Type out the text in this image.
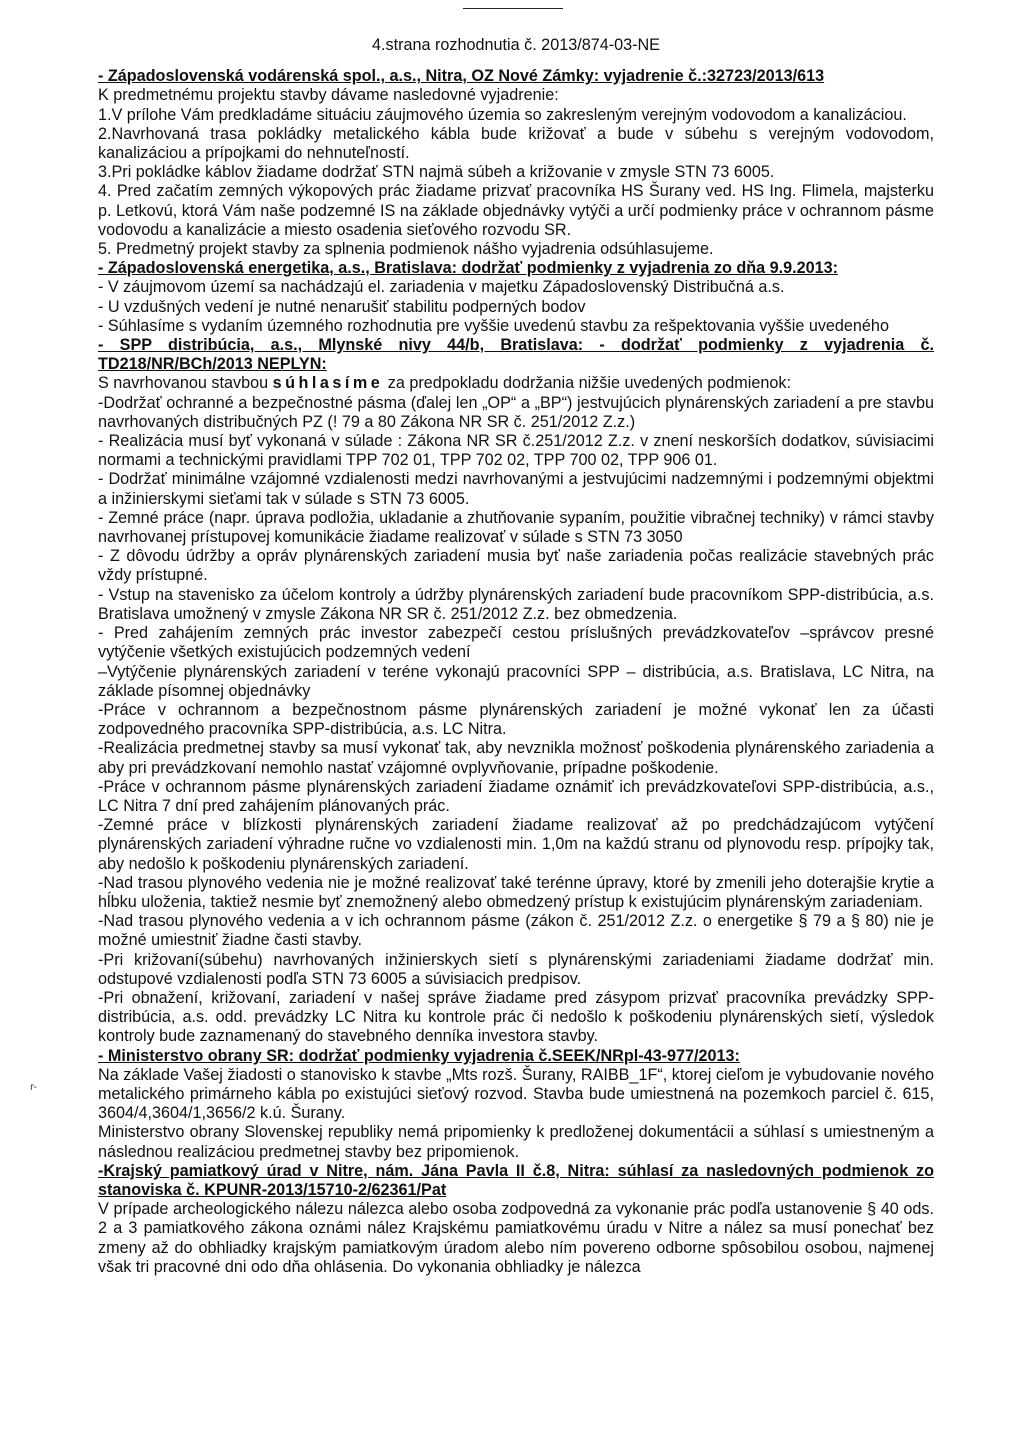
r-
4.strana rozhodnutia č. 2013/874-03-NE

- Západoslovenská vodárenská spol., a.s., Nitra, OZ Nové Zámky: vyjadrenie č.:32723/2013/613

K predmetnému projektu stavby dávame nasledovné vyjadrenie:

1.V prílohe Vám predkladáme situáciu záujmového územia so zakresleným verejným vodovodom a kanalizáciou.

2.Navrhovaná trasa pokládky metalického kábla bude križovať a bude v súbehu s verejným vodovodom, kanalizáciou a prípojkami do nehnuteľností.

3.Pri pokládke káblov žiadame dodržať STN najmä súbeh a križovanie v zmysle STN 73 6005.

4. Pred začatím zemných výkopových prác žiadame prizvať pracovníka HS Šurany ved. HS Ing. Flimela, majsterku p. Letkovú, ktorá Vám naše podzemné IS na základe objednávky vytýči a určí podmienky práce v ochrannom pásme vodovodu a kanalizácie a miesto osadenia sieťového rozvodu SR.

5. Predmetný projekt stavby za splnenia podmienok nášho vyjadrenia odsúhlasujeme.

- Západoslovenská energetika, a.s., Bratislava: dodržať podmienky z vyjadrenia zo dňa 9.9.2013:

- V záujmovom území sa nachádzajú el. zariadenia v majetku Západoslovenský Distribučná a.s.

- U vzdušných vedení je nutné nenarušiť stabilitu podperných bodov

- Súhlasíme s vydaním územného rozhodnutia pre vyššie uvedenú stavbu za rešpektovania vyššie uvedeného

- SPP distribúcia, a.s., Mlynské nivy 44/b, Bratislava: - dodržať podmienky z vyjadrenia č. TD218/NR/BCh/2013 NEPLYN:

S navrhovanou stavbou súhlasíme za predpokladu dodržania nižšie uvedených podmienok:

-Dodržať ochranné a bezpečnostné pásma (ďalej len „OP“ a „BP“) jestvujúcich plynárenských zariadení a pre stavbu navrhovaných distribučných PZ (! 79 a 80 Zákona NR SR č. 251/2012 Z.z.)

- Realizácia musí byť vykonaná v súlade : Zákona NR SR č.251/2012 Z.z. v znení neskorších dodatkov, súvisiacimi normami a technickými pravidlami TPP 702 01, TPP 702 02, TPP 700 02, TPP 906 01.

- Dodržať minimálne vzájomné vzdialenosti medzi navrhovanými a jestvujúcimi nadzemnými i podzemnými objektmi a inžinierskymi sieťami tak v súlade s STN 73 6005.

- Zemné práce (napr. úprava podložia, ukladanie a zhutňovanie sypaním, použitie vibračnej techniky) v rámci stavby navrhovanej prístupovej komunikácie žiadame realizovať v súlade s STN 73 3050

- Z dôvodu údržby a opráv plynárenských zariadení musia byť naše zariadenia počas realizácie stavebných prác vždy prístupné.

- Vstup na stavenisko za účelom kontroly a údržby plynárenských zariadení bude pracovníkom SPP-distribúcia, a.s. Bratislava umožnený v zmysle Zákona NR SR č. 251/2012 Z.z. bez obmedzenia.

- Pred zahájením zemných prác investor zabezpečí cestou príslušných prevádzkovateľov –správcov presné vytýčenie všetkých existujúcich podzemných vedení

–Vytýčenie plynárenských zariadení v teréne vykonajú pracovníci SPP – distribúcia, a.s. Bratislava, LC Nitra, na základe písomnej objednávky

-Práce v ochrannom a bezpečnostnom pásme plynárenských zariadení je možné vykonať len za účasti zodpovedného pracovníka SPP-distribúcia, a.s. LC Nitra.

-Realizácia predmetnej stavby sa musí vykonať tak, aby nevznikla možnosť poškodenia plynárenského zariadenia a aby pri prevádzkovaní nemohlo nastať vzájomné ovplyvňovanie, prípadne poškodenie.

-Práce v ochrannom pásme plynárenských zariadení žiadame oznámiť ich prevádzkovateľovi SPP-distribúcia, a.s., LC Nitra 7 dní pred zahájením plánovaných prác.

-Zemné práce v blízkosti plynárenských zariadení žiadame realizovať až po predchádzajúcom vytýčení plynárenských zariadení výhradne ručne vo vzdialenosti min. 1,0m na každú stranu od plynovodu resp. prípojky tak, aby nedošlo k poškodeniu plynárenských zariadení.

-Nad trasou plynového vedenia nie je možné realizovať také terénne úpravy, ktoré by zmenili jeho doterajšie krytie a hĺbku uloženia, taktiež nesmie byť znemožnený alebo obmedzený prístup k existujúcim plynárenským zariadeniam.

-Nad trasou plynového vedenia a v ich ochrannom pásme (zákon č. 251/2012 Z.z. o energetike § 79 a § 80) nie je možné umiestniť žiadne časti stavby.

-Pri križovaní(súbehu) navrhovaných inžinierskych sietí s plynárenskými zariadeniami žiadame dodržať min. odstupové vzdialenosti podľa STN 73 6005 a súvisiacich predpisov.

-Pri obnažení, križovaní, zariadení v našej správe žiadame pred zásypom prizvať pracovníka prevádzky SPP-distribúcia, a.s. odd. prevádzky LC Nitra ku kontrole prác či nedošlo k poškodeniu plynárenských sietí, výsledok kontroly bude zaznamenaný do stavebného denníka investora stavby.

- Ministerstvo obrany SR: dodržať podmienky vyjadrenia č.SEEK/NRpl-43-977/2013:

Na základe Vašej žiadosti o stanovisko k stavbe „Mts rozš. Šurany, RAIBB_1F“, ktorej cieľom je vybudovanie nového metalického primárneho kábla po existujúci sieťový rozvod. Stavba bude umiestnená na pozemkoch parciel č. 615, 3604/4,3604/1,3656/2 k.ú. Šurany.

Ministerstvo obrany Slovenskej republiky nemá pripomienky k predloženej dokumentácii a súhlasí s umiestneným a následnou realizáciou predmetnej stavby bez pripomienok.

-Krajský pamiatkový úrad v Nitre, nám. Jána Pavla II č.8, Nitra: súhlasí za nasledovných podmienok zo stanoviska č. KPUNR-2013/15710-2/62361/Pat

V prípade archeologického nálezu nálezca alebo osoba zodpovedná za vykonanie prác podľa ustanovenie § 40 ods. 2 a 3 pamiatkového zákona oznámi nález Krajskému pamiatkovému úradu v Nitre a nález sa musí ponechať bez zmeny až do obhliadky krajským pamiatkovým úradom alebo ním povereno odborne spôsobilou osobou, najmenej však tri pracovné dni odo dňa ohlásenia. Do vykonania obhliadky je nálezca
